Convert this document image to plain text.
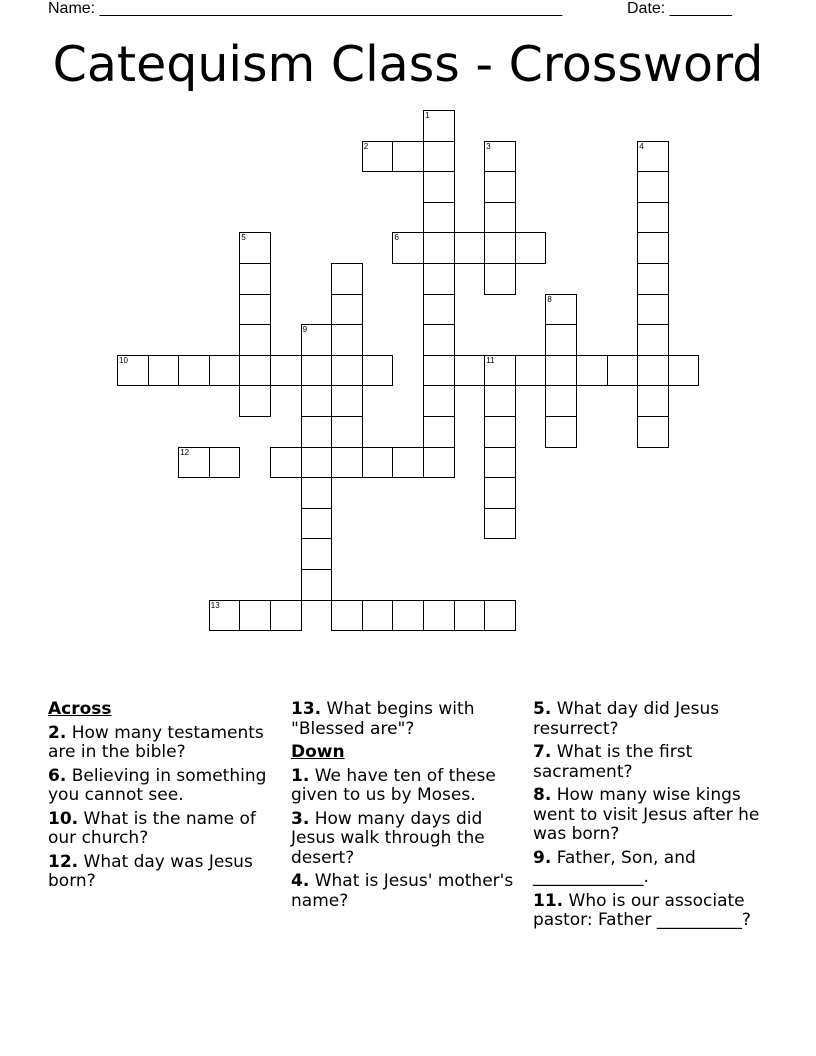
Name: ____________________________________________________	Date: _______
Catequism Class - Crossword
1
2	3	4
5	6
8
9
10	11
12
13
Across
2. How many testaments are in the bible?
6. Believing in something you cannot see.
10. What is the name of our church?
12. What day was Jesus born?
13. What begins with "Blessed are"?
Down
1. We have ten of these given to us by Moses.
3. How many days did Jesus walk through the desert?
4. What is Jesus' mother's name?
5. What day did Jesus resurrect?
7. What is the first sacrament?
8. How many wise kings went to visit Jesus after he was born?
9. Father, Son, and _____________.
11. Who is our associate pastor: Father __________?
